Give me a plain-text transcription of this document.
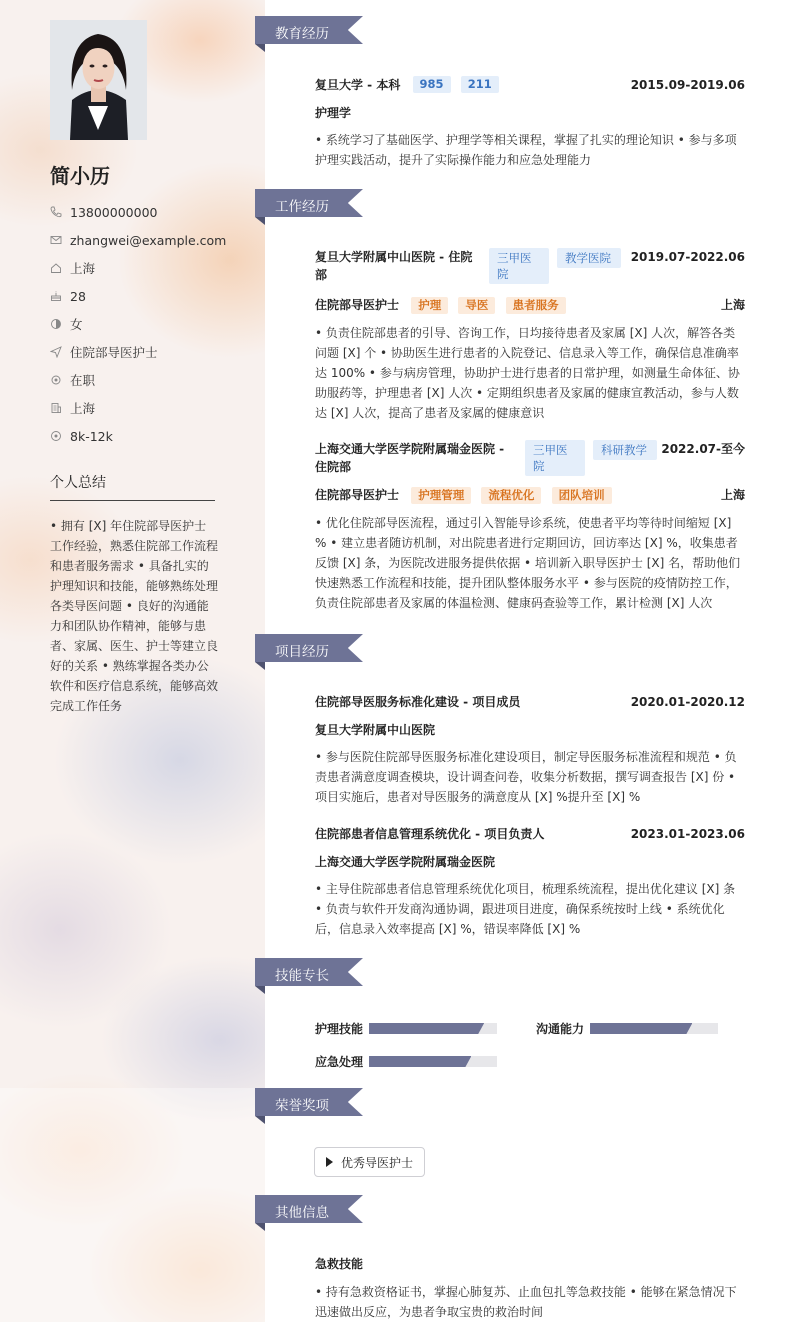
简小历
13800000000
zhangwei@example.com
上海
28
女
住院部导医护士
在职
上海
8k-12k
个人总结
• 拥有 [X] 年住院部导医护士工作经验，熟悉住院部工作流程和患者服务需求 • 具备扎实的护理知识和技能，能够熟练处理各类导医问题 • 良好的沟通能力和团队协作精神，能够与患者、家属、医生、护士等建立良好的关系 • 熟练掌握各类办公软件和医疗信息系统，能够高效完成工作任务
教育经历
复旦大学 - 本科 985 211	2015.09-2019.06
护理学
• 系统学习了基础医学、护理学等相关课程，掌握了扎实的理论知识 • 参与多项护理实践活动，提升了实际操作能力和应急处理能力
工作经历
复旦大学附属中山医院 - 住院部
三甲医院
教学医院	2019.07-2022.06
住院部导医护士 护理 导医 患者服务	上海
• 负责住院部患者的引导、咨询工作，日均接待患者及家属 [X] 人次，解答各类问题 [X] 个 • 协助医生进行患者的入院登记、信息录入等工作，确保信息准确率达 100% • 参与病房管理，协助护士进行患者的日常护理，如测量生命体征、协助服药等，护理患者 [X] 人次 • 定期组织患者及家属的健康宣教活动，参与人数达 [X] 人次，提高了患者及家属的健康意识
上海交通大学医学院附属瑞金医院 - 住院部
三甲医院
科研教学	2022.07-至今
住院部导医护士 护理管理 流程优化 团队培训	上海
• 优化住院部导医流程，通过引入智能导诊系统，使患者平均等待时间缩短 [X] % • 建立患者随访机制，对出院患者进行定期回访，回访率达 [X] %，收集患者反馈 [X] 条，为医院改进服务提供依据 • 培训新入职导医护士 [X] 名，帮助他们快速熟悉工作流程和技能，提升团队整体服务水平 • 参与医院的疫情防控工作，负责住院部患者及家属的体温检测、健康码查验等工作，累计检测 [X] 人次
项目经历
住院部导医服务标准化建设 - 项目成员	2020.01-2020.12
复旦大学附属中山医院
• 参与医院住院部导医服务标准化建设项目，制定导医服务标准流程和规范 • 负责患者满意度调查模块，设计调查问卷，收集分析数据，撰写调查报告 [X] 份 • 项目实施后，患者对导医服务的满意度从 [X] %提升至 [X] %
住院部患者信息管理系统优化 - 项目负责人	2023.01-2023.06
上海交通大学医学院附属瑞金医院
• 主导住院部患者信息管理系统优化项目，梳理系统流程，提出优化建议 [X] 条 • 负责与软件开发商沟通协调，跟进项目进度，确保系统按时上线 • 系统优化后，信息录入效率提高 [X] %，错误率降低 [X] %
技能专长
护理技能	沟通能力
应急处理
荣誉奖项
优秀导医护士
其他信息
急救技能
• 持有急救资格证书，掌握心肺复苏、止血包扎等急救技能 • 能够在紧急情况下迅速做出反应，为患者争取宝贵的救治时间
